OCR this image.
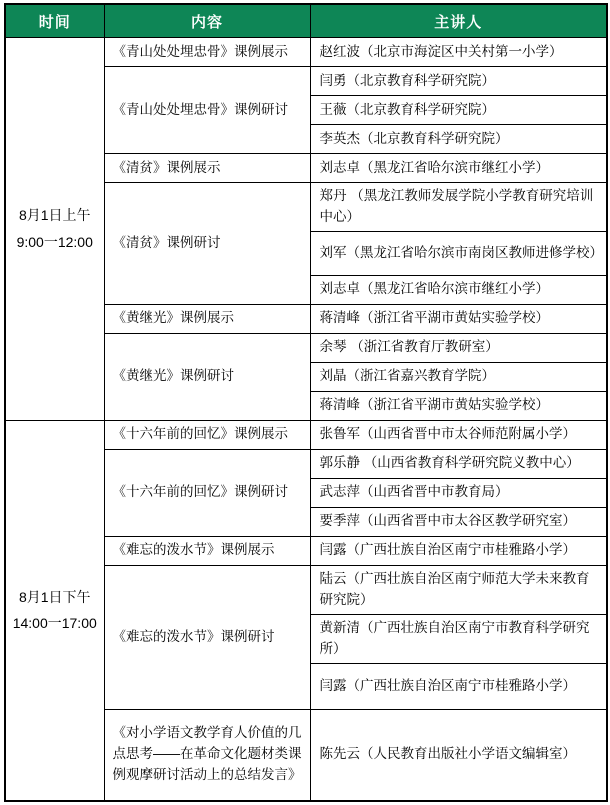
时间	内容	主讲人

8月1日上午
9:00一12:00	《青山处处埋忠骨》课例展示	赵红波（北京市海淀区中关村第一小学）
	《青山处处埋忠骨》课例研讨	闫勇（北京教育科学研究院）
		王薇（北京教育科学研究院）
		李英杰（北京教育科学研究院）
	《清贫》课例展示	刘志卓（黑龙江省哈尔滨市继红小学）
	《清贫》课例研讨	郑丹 （黑龙江教师发展学院小学教育研究培训中心）
		刘军（黑龙江省哈尔滨市南岗区教师进修学校）
		刘志卓（黑龙江省哈尔滨市继红小学）
	《黄继光》课例展示	蒋清峰（浙江省平湖市黄姑实验学校）
	《黄继光》课例研讨	余琴 （浙江省教育厅教研室）
		刘晶（浙江省嘉兴教育学院）
		蒋清峰（浙江省平湖市黄姑实验学校）

8月1日下午
14:00一17:00	《十六年前的回忆》课例展示	张鲁军（山西省晋中市太谷师范附属小学）
	《十六年前的回忆》课例研讨	郭乐静 （山西省教育科学研究院义教中心）
		武志萍（山西省晋中市教育局）
		要季萍（山西省晋中市太谷区教学研究室）
	《难忘的泼水节》课例展示	闫露（广西壮族自治区南宁市桂雅路小学）
	《难忘的泼水节》课例研讨	陆云（广西壮族自治区南宁师范大学未来教育研究院）
		黄新清（广西壮族自治区南宁市教育科学研究所）
		闫露（广西壮族自治区南宁市桂雅路小学）
	《对小学语文教学育人价值的几点思考——在革命文化题材类课例观摩研讨活动上的总结发言》	陈先云（人民教育出版社小学语文编辑室）
